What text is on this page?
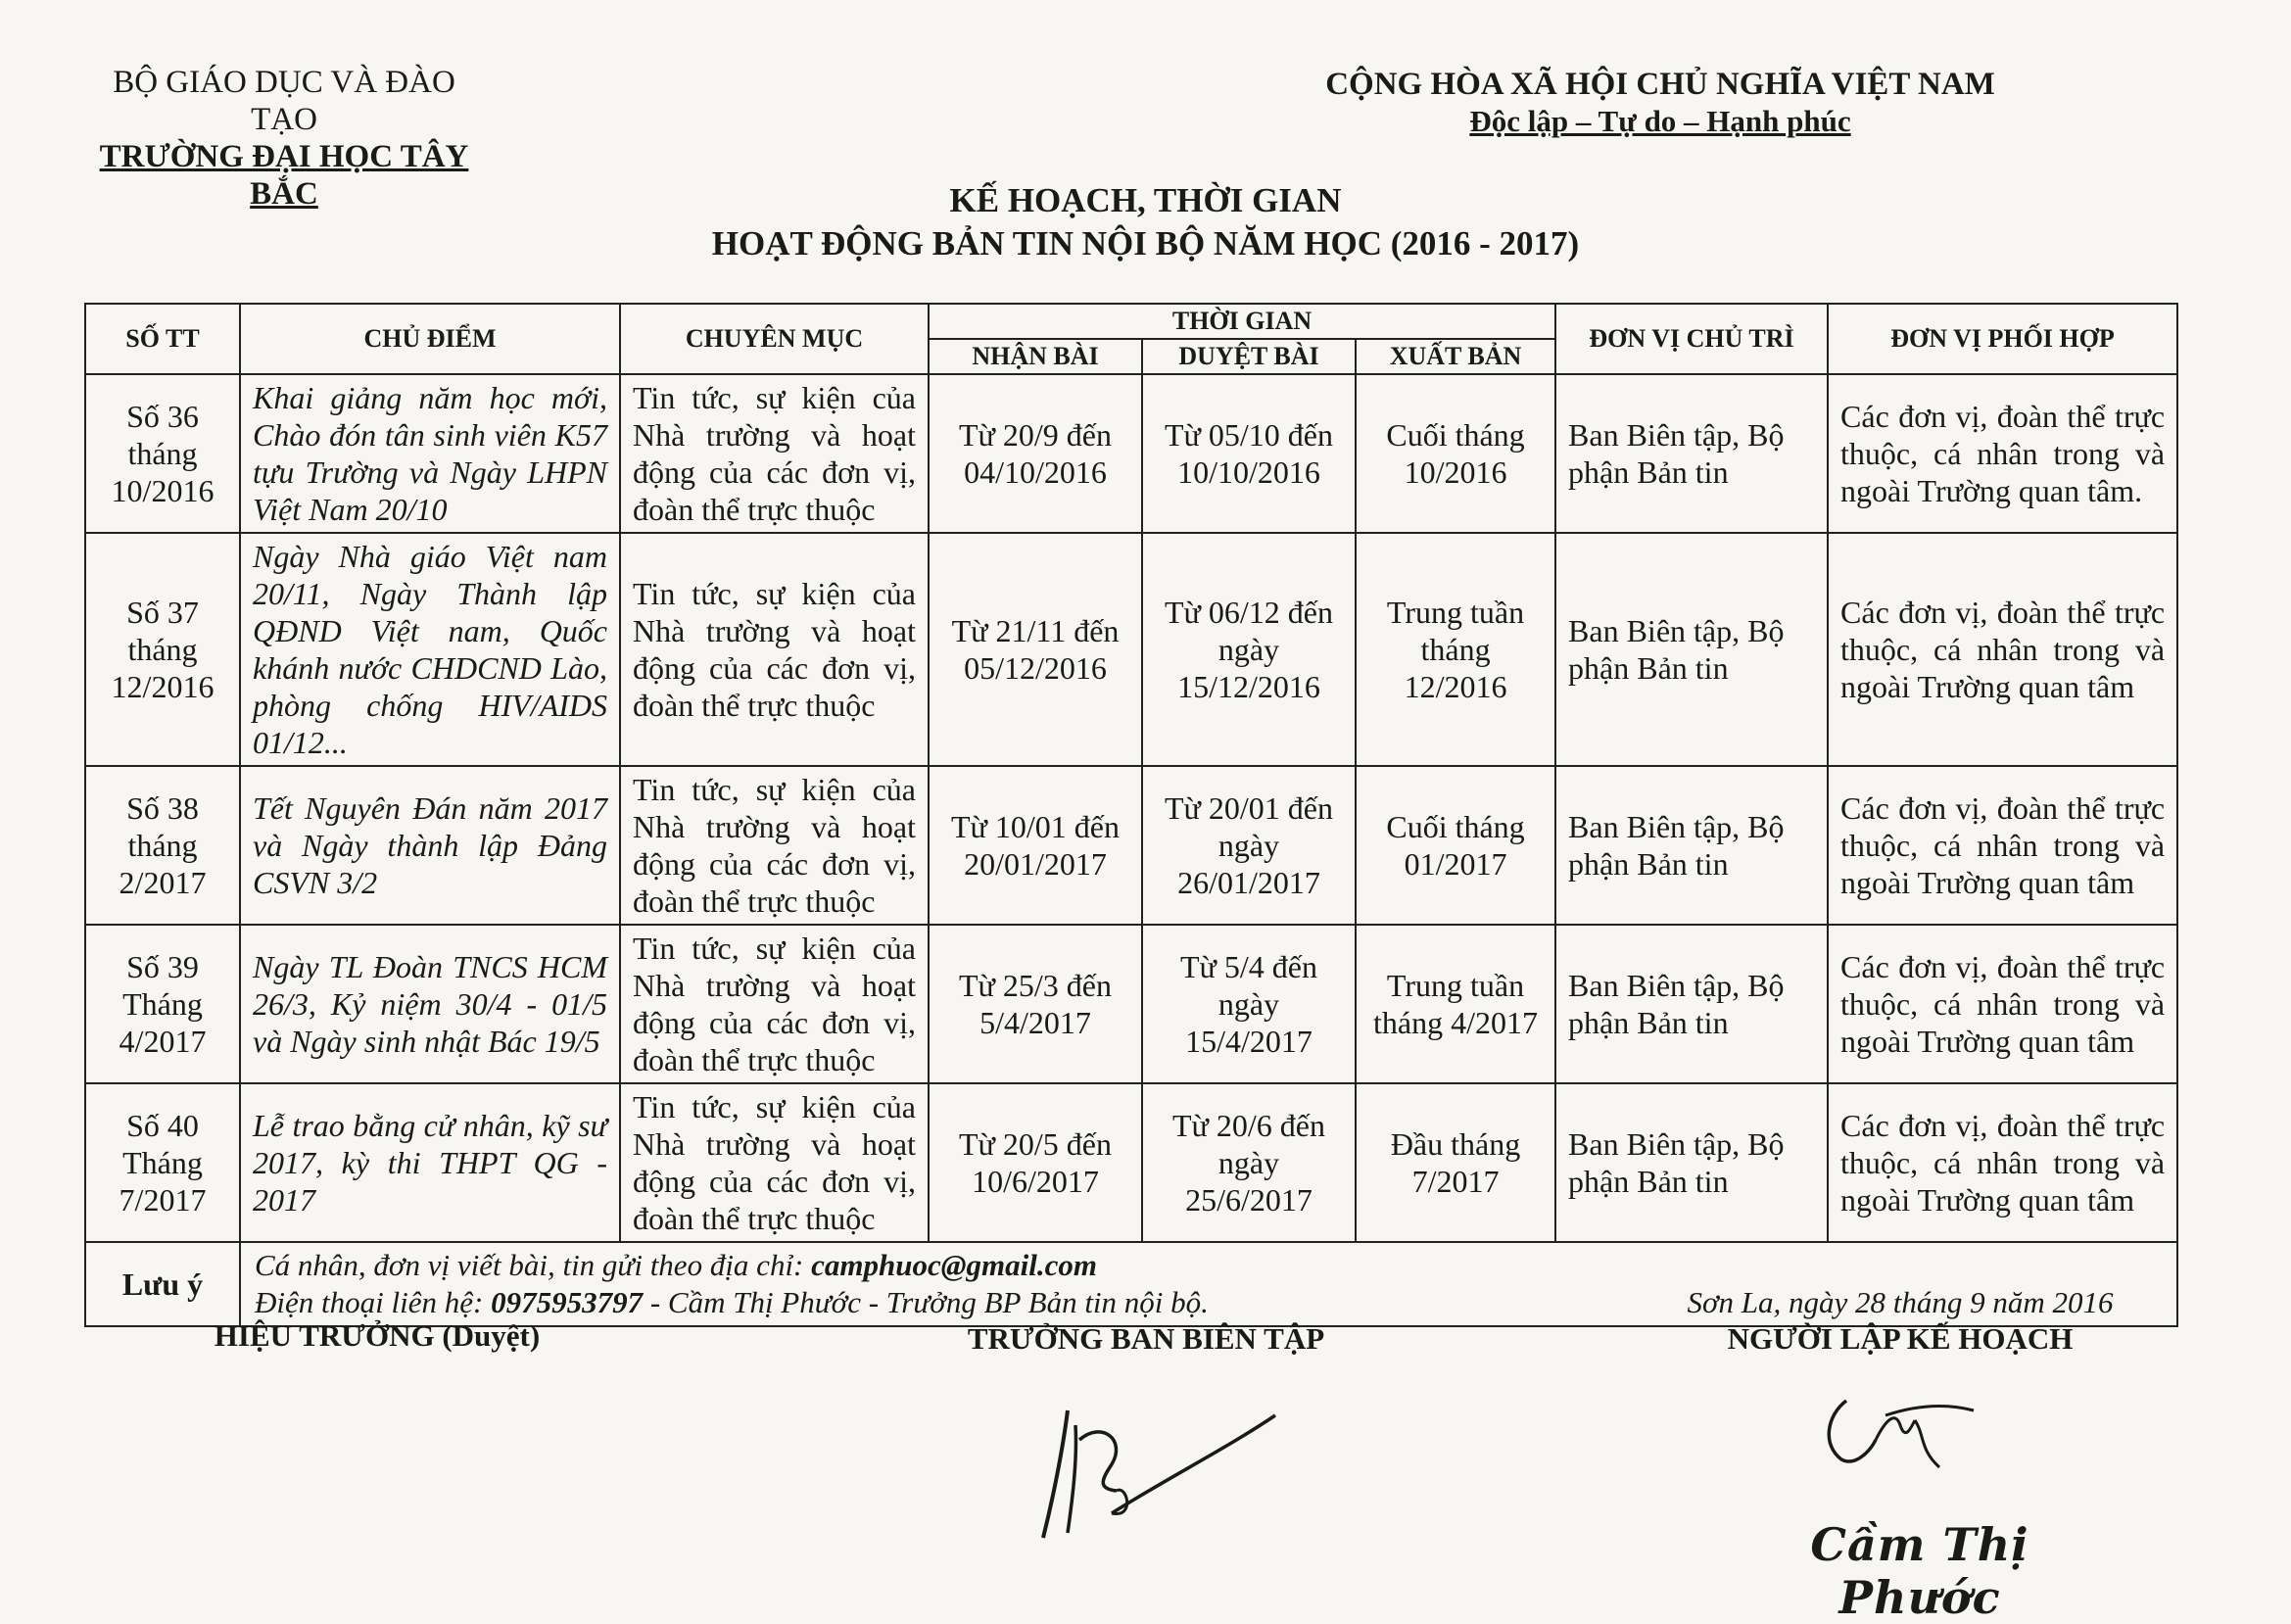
BỘ GIÁO DỤC VÀ ĐÀO TẠO
TRƯỜNG ĐẠI HỌC TÂY BẮC
CỘNG HÒA XÃ HỘI CHỦ NGHĨA VIỆT NAM
Độc lập – Tự do – Hạnh phúc
KẾ HOẠCH, THỜI GIAN
HOẠT ĐỘNG BẢN TIN NỘI BỘ NĂM HỌC (2016 - 2017)
SỐ TT	CHỦ ĐIỂM	CHUYÊN MỤC	THỜI GIAN			ĐƠN VỊ CHỦ TRÌ	ĐƠN VỊ PHỐI HỢP
			NHẬN BÀI	DUYỆT BÀI	XUẤT BẢN		
Số 36 tháng 10/2016	Khai giảng năm học mới, Chào đón tân sinh viên K57 tựu Trường và Ngày LHPN Việt Nam 20/10	Tin tức, sự kiện của Nhà trường và hoạt động của các đơn vị, đoàn thể trực thuộc	Từ 20/9 đến 04/10/2016	Từ 05/10 đến 10/10/2016	Cuối tháng 10/2016	Ban Biên tập, Bộ phận Bản tin	Các đơn vị, đoàn thể trực thuộc, cá nhân trong và ngoài Trường quan tâm.
Số 37 tháng 12/2016	Ngày Nhà giáo Việt nam 20/11, Ngày Thành lập QĐND Việt nam, Quốc khánh nước CHDCND Lào, phòng chống HIV/AIDS 01/12...	Tin tức, sự kiện của Nhà trường và hoạt động của các đơn vị, đoàn thể trực thuộc	Từ 21/11 đến 05/12/2016	Từ 06/12 đến ngày 15/12/2016	Trung tuần tháng 12/2016	Ban Biên tập, Bộ phận Bản tin	Các đơn vị, đoàn thể trực thuộc, cá nhân trong và ngoài Trường quan tâm
Số 38 tháng 2/2017	Tết Nguyên Đán năm 2017 và Ngày thành lập Đảng CSVN 3/2	Tin tức, sự kiện của Nhà trường và hoạt động của các đơn vị, đoàn thể trực thuộc	Từ 10/01 đến 20/01/2017	Từ 20/01 đến ngày 26/01/2017	Cuối tháng 01/2017	Ban Biên tập, Bộ phận Bản tin	Các đơn vị, đoàn thể trực thuộc, cá nhân trong và ngoài Trường quan tâm
Số 39 Tháng 4/2017	Ngày TL Đoàn TNCS HCM 26/3, Kỷ niệm 30/4 - 01/5 và Ngày sinh nhật Bác 19/5	Tin tức, sự kiện của Nhà trường và hoạt động của các đơn vị, đoàn thể trực thuộc	Từ 25/3 đến 5/4/2017	Từ 5/4 đến ngày 15/4/2017	Trung tuần tháng 4/2017	Ban Biên tập, Bộ phận Bản tin	Các đơn vị, đoàn thể trực thuộc, cá nhân trong và ngoài Trường quan tâm
Số 40 Tháng 7/2017	Lễ trao bằng cử nhân, kỹ sư 2017, kỳ thi THPT QG - 2017	Tin tức, sự kiện của Nhà trường và hoạt động của các đơn vị, đoàn thể trực thuộc	Từ 20/5 đến 10/6/2017	Từ 20/6 đến ngày 25/6/2017	Đầu tháng 7/2017	Ban Biên tập, Bộ phận Bản tin	Các đơn vị, đoàn thể trực thuộc, cá nhân trong và ngoài Trường quan tâm
Lưu ý	Cá nhân, đơn vị viết bài, tin gửi theo địa chỉ: camphuoc@gmail.com
Điện thoại liên hệ: 0975953797 - Cầm Thị Phước - Trưởng BP Bản tin nội bộ.							Sơn La, ngày 28 tháng 9 năm 2016
HIỆU TRƯỞNG (Duyệt)	TRƯỞNG BAN BIÊN TẬP	NGƯỜI LẬP KẾ HOẠCH
Cầm Thị Phước
